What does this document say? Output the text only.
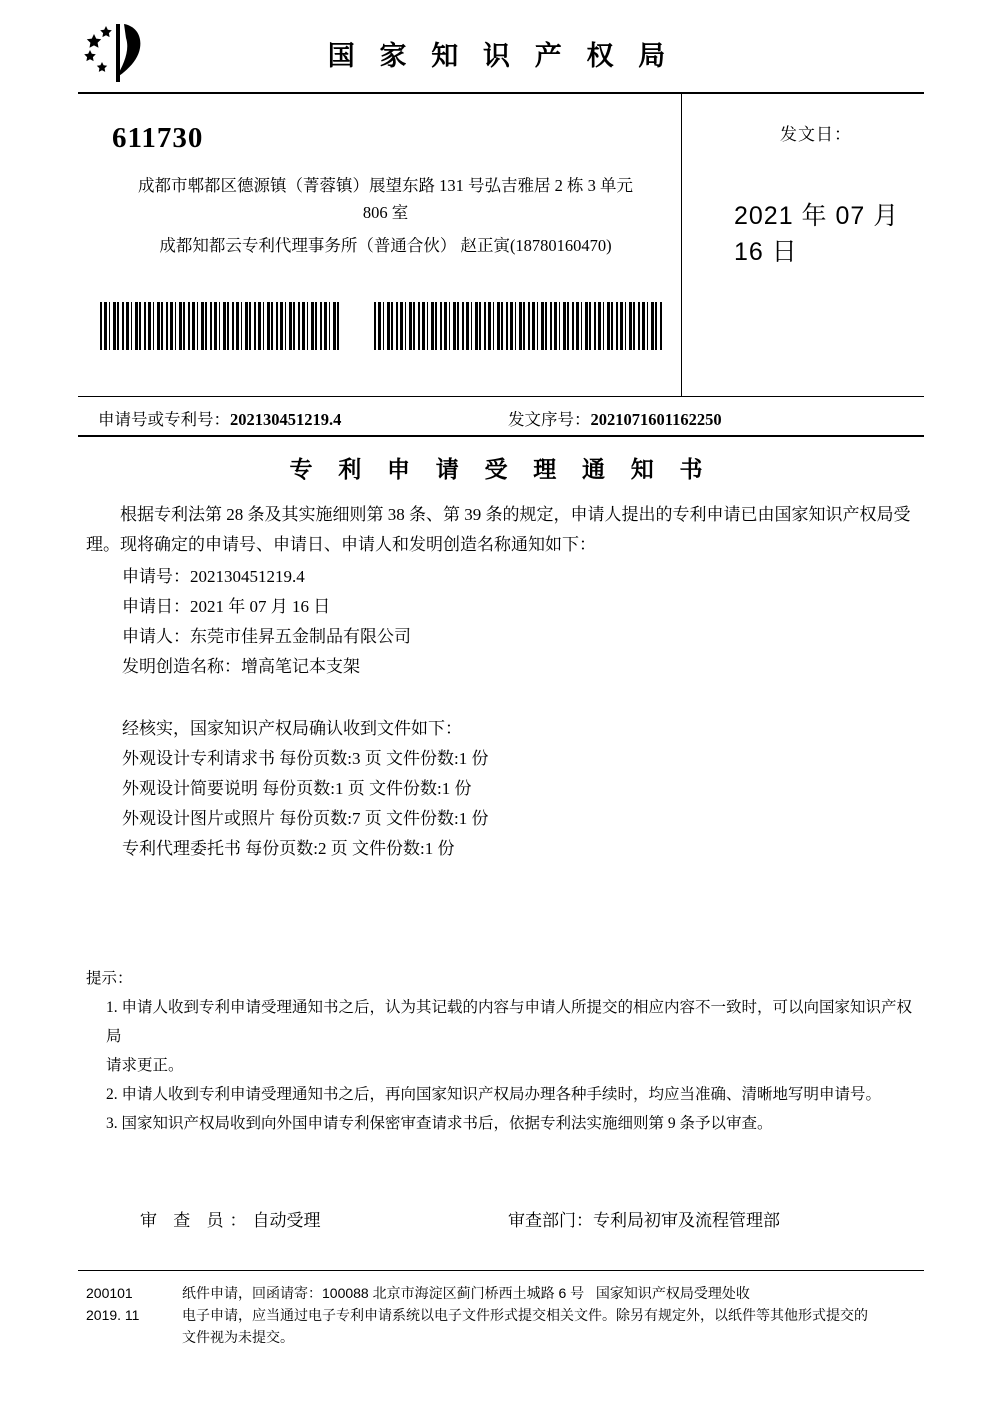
国 家 知 识 产 权 局
611730
成都市郫都区德源镇（菁蓉镇）展望东路 131 号弘吉雅居 2 栋 3 单元
806 室
成都知都云专利代理事务所（普通合伙） 赵正寅(18780160470)
发文日：
2021 年 07 月 16 日
申请号或专利号：202130451219.4	发文序号：2021071601162250
专 利 申 请 受 理 通 知 书
根据专利法第 28 条及其实施细则第 38 条、第 39 条的规定，申请人提出的专利申请已由国家知识产权局受理。现将确定的申请号、申请日、申请人和发明创造名称通知如下：
申请号：202130451219.4
申请日：2021 年 07 月 16 日
申请人：东莞市佳昇五金制品有限公司
发明创造名称：增高笔记本支架
经核实，国家知识产权局确认收到文件如下：
外观设计专利请求书 每份页数:3 页 文件份数:1 份
外观设计简要说明 每份页数:1 页 文件份数:1 份
外观设计图片或照片 每份页数:7 页 文件份数:1 份
专利代理委托书 每份页数:2 页 文件份数:1 份
提示：
1. 申请人收到专利申请受理通知书之后，认为其记载的内容与申请人所提交的相应内容不一致时，可以向国家知识产权局
请求更正。
2. 申请人收到专利申请受理通知书之后，再向国家知识产权局办理各种手续时，均应当准确、清晰地写明申请号。
3. 国家知识产权局收到向外国申请专利保密审查请求书后，依据专利法实施细则第 9 条予以审查。
审 查 员：自动受理	审查部门：专利局初审及流程管理部
200101
2019. 11
纸件申请，回函请寄：100088 北京市海淀区蓟门桥西土城路 6 号   国家知识产权局受理处收
电子申请，应当通过电子专利申请系统以电子文件形式提交相关文件。除另有规定外，以纸件等其他形式提交的
文件视为未提交。
